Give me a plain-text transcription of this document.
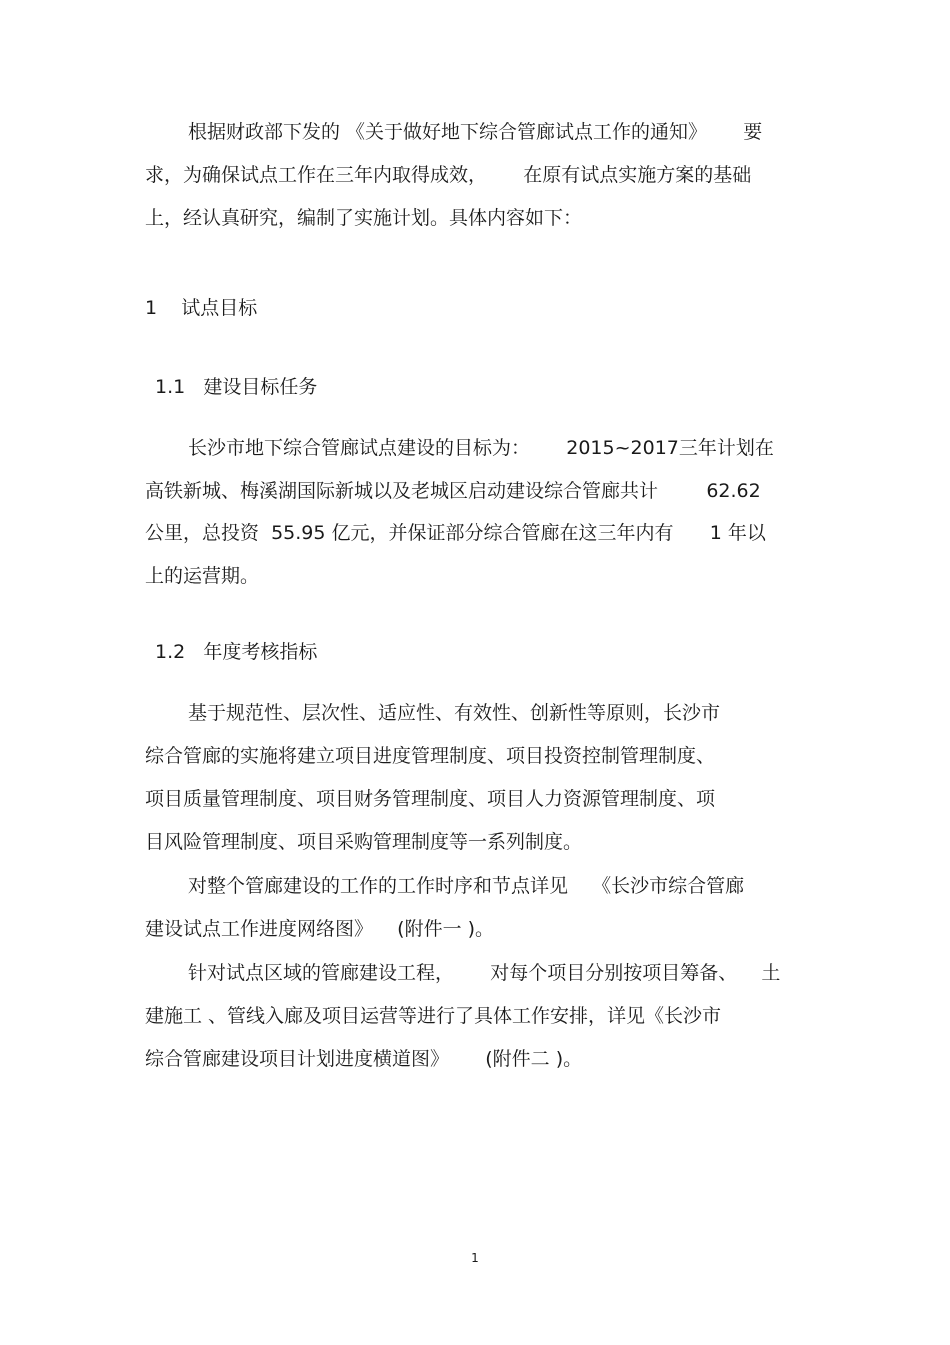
根据财政部下发的 《关于做好地下综合管廊试点工作的通知》      要

求，为确保试点工作在三年内取得成效，      在原有试点实施方案的基础

上，经认真研究，编制了实施计划。具体内容如下：

1    试点目标

1.1   建设目标任务

长沙市地下综合管廊试点建设的目标为：      2015~2017三年计划在

高铁新城、梅溪湖国际新城以及老城区启动建设综合管廊共计        62.62

公里，总投资  55.95 亿元，并保证部分综合管廊在这三年内有      1 年以

上的运营期。

1.2   年度考核指标

基于规范性、层次性、适应性、有效性、创新性等原则，长沙市

综合管廊的实施将建立项目进度管理制度、项目投资控制管理制度、

项目质量管理制度、项目财务管理制度、项目人力资源管理制度、项

目风险管理制度、项目采购管理制度等一系列制度。

对整个管廊建设的工作的工作时序和节点详见    《长沙市综合管廊

建设试点工作进度网络图》    (附件一 )。

针对试点区域的管廊建设工程，      对每个项目分别按项目筹备、    土

建施工 、管线入廊及项目运营等进行了具体工作安排，详见《长沙市

综合管廊建设项目计划进度横道图》      (附件二 )。

1
